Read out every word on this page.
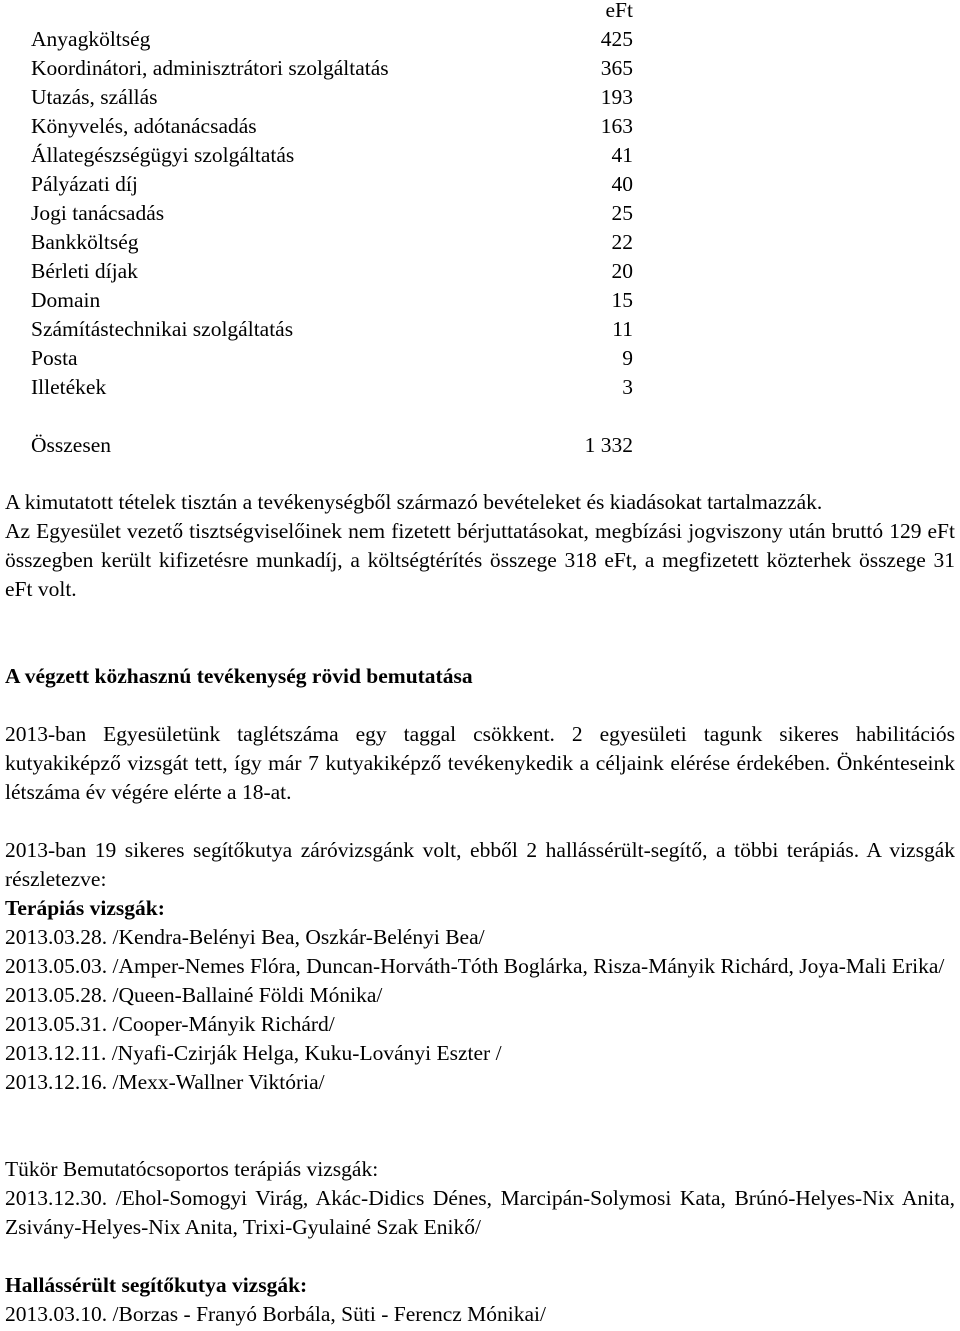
eFt
Anyagköltség	425
Koordinátori, adminisztrátori szolgáltatás	365
Utazás, szállás	193
Könyvelés, adótanácsadás	163
Állategészségügyi szolgáltatás	41
Pályázati díj	40
Jogi tanácsadás	25
Bankköltség	22
Bérleti díjak	20
Domain	15
Számítástechnikai szolgáltatás	11
Posta	9
Illetékek	3
Összesen	1 332

A kimutatott tételek tisztán a tevékenységből származó bevételeket és kiadásokat tartalmazzák.

Az Egyesület vezető tisztségviselőinek nem fizetett bérjuttatásokat, megbízási jogviszony után bruttó 129 eFt összegben került kifizetésre munkadíj, a költségtérítés összege 318 eFt, a megfizetett közterhek összege 31 eFt volt.

A végzett közhasznú tevékenység rövid bemutatása

2013-ban Egyesületünk taglétszáma egy taggal csökkent. 2 egyesületi tagunk sikeres habilitációs kutyakiképző vizsgát tett, így már 7 kutyakiképző tevékenykedik a céljaink elérése érdekében. Önkénteseink létszáma év végére elérte a 18-at.

2013-ban 19 sikeres segítőkutya záróvizsgánk volt, ebből 2 hallássérült-segítő, a többi terápiás. A vizsgák részletezve:

Terápiás vizsgák:

2013.03.28. /Kendra-Belényi Bea, Oszkár-Belényi Bea/

2013.05.03. /Amper-Nemes Flóra, Duncan-Horváth-Tóth Boglárka, Risza-Mányik Richárd, Joya-Mali Erika/

2013.05.28. /Queen-Ballainé Földi Mónika/

2013.05.31. /Cooper-Mányik Richárd/

2013.12.11. /Nyafi-Czirják Helga, Kuku-Loványi Eszter /

2013.12.16. /Mexx-Wallner Viktória/

Tükör Bemutatócsoportos terápiás vizsgák:

2013.12.30. /Ehol-Somogyi Virág, Akác-Didics Dénes, Marcipán-Solymosi Kata, Brúnó-Helyes-Nix Anita, Zsivány-Helyes-Nix Anita, Trixi-Gyulainé Szak Enikő/

Hallássérült segítőkutya vizsgák:

2013.03.10. /Borzas - Franyó Borbála, Süti - Ferencz Mónikai/
